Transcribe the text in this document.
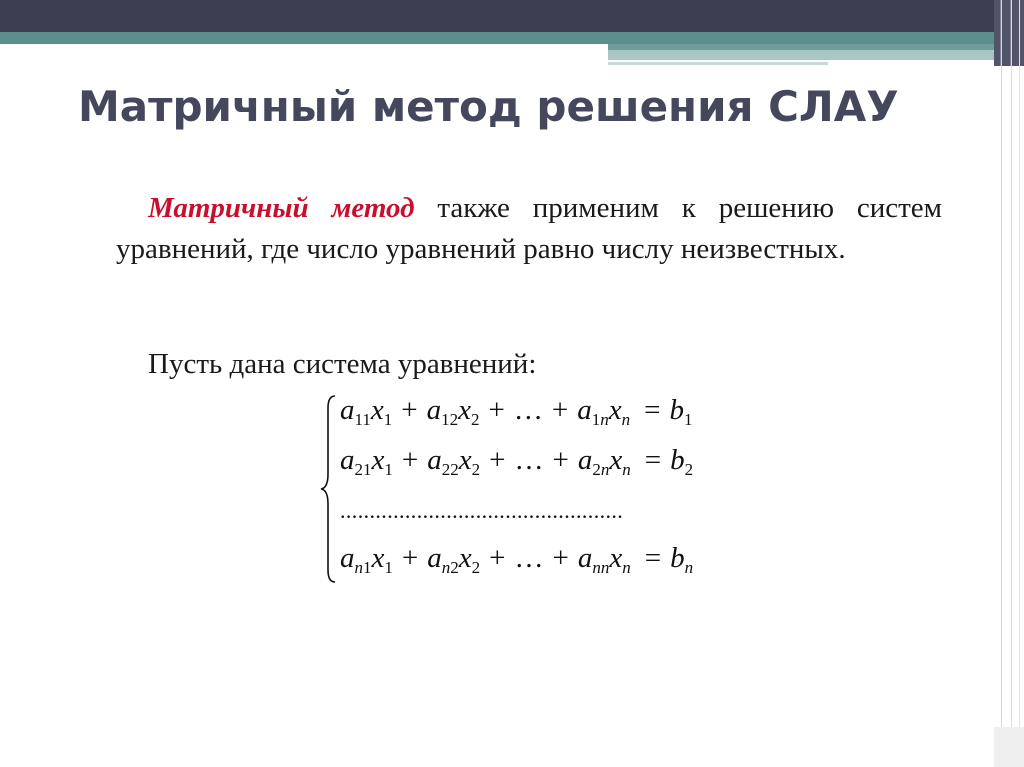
Матричный метод решения СЛАУ

Матричный метод также применим к решению систем уравнений, где число уравнений равно числу неизвестных.

Пусть дана система уравнений:

$a_{11}x_1 + a_{12}x_2$ + … + $a_{1n}x_n = b_1$
$a_{21}x_1 + a_{22}x_2$ + … + $a_{2n}x_n = b_2$
................................................
$a_{n1}x_1 + a_{n2}x_2$ + … + $a_{nn}x_n = b_n$
